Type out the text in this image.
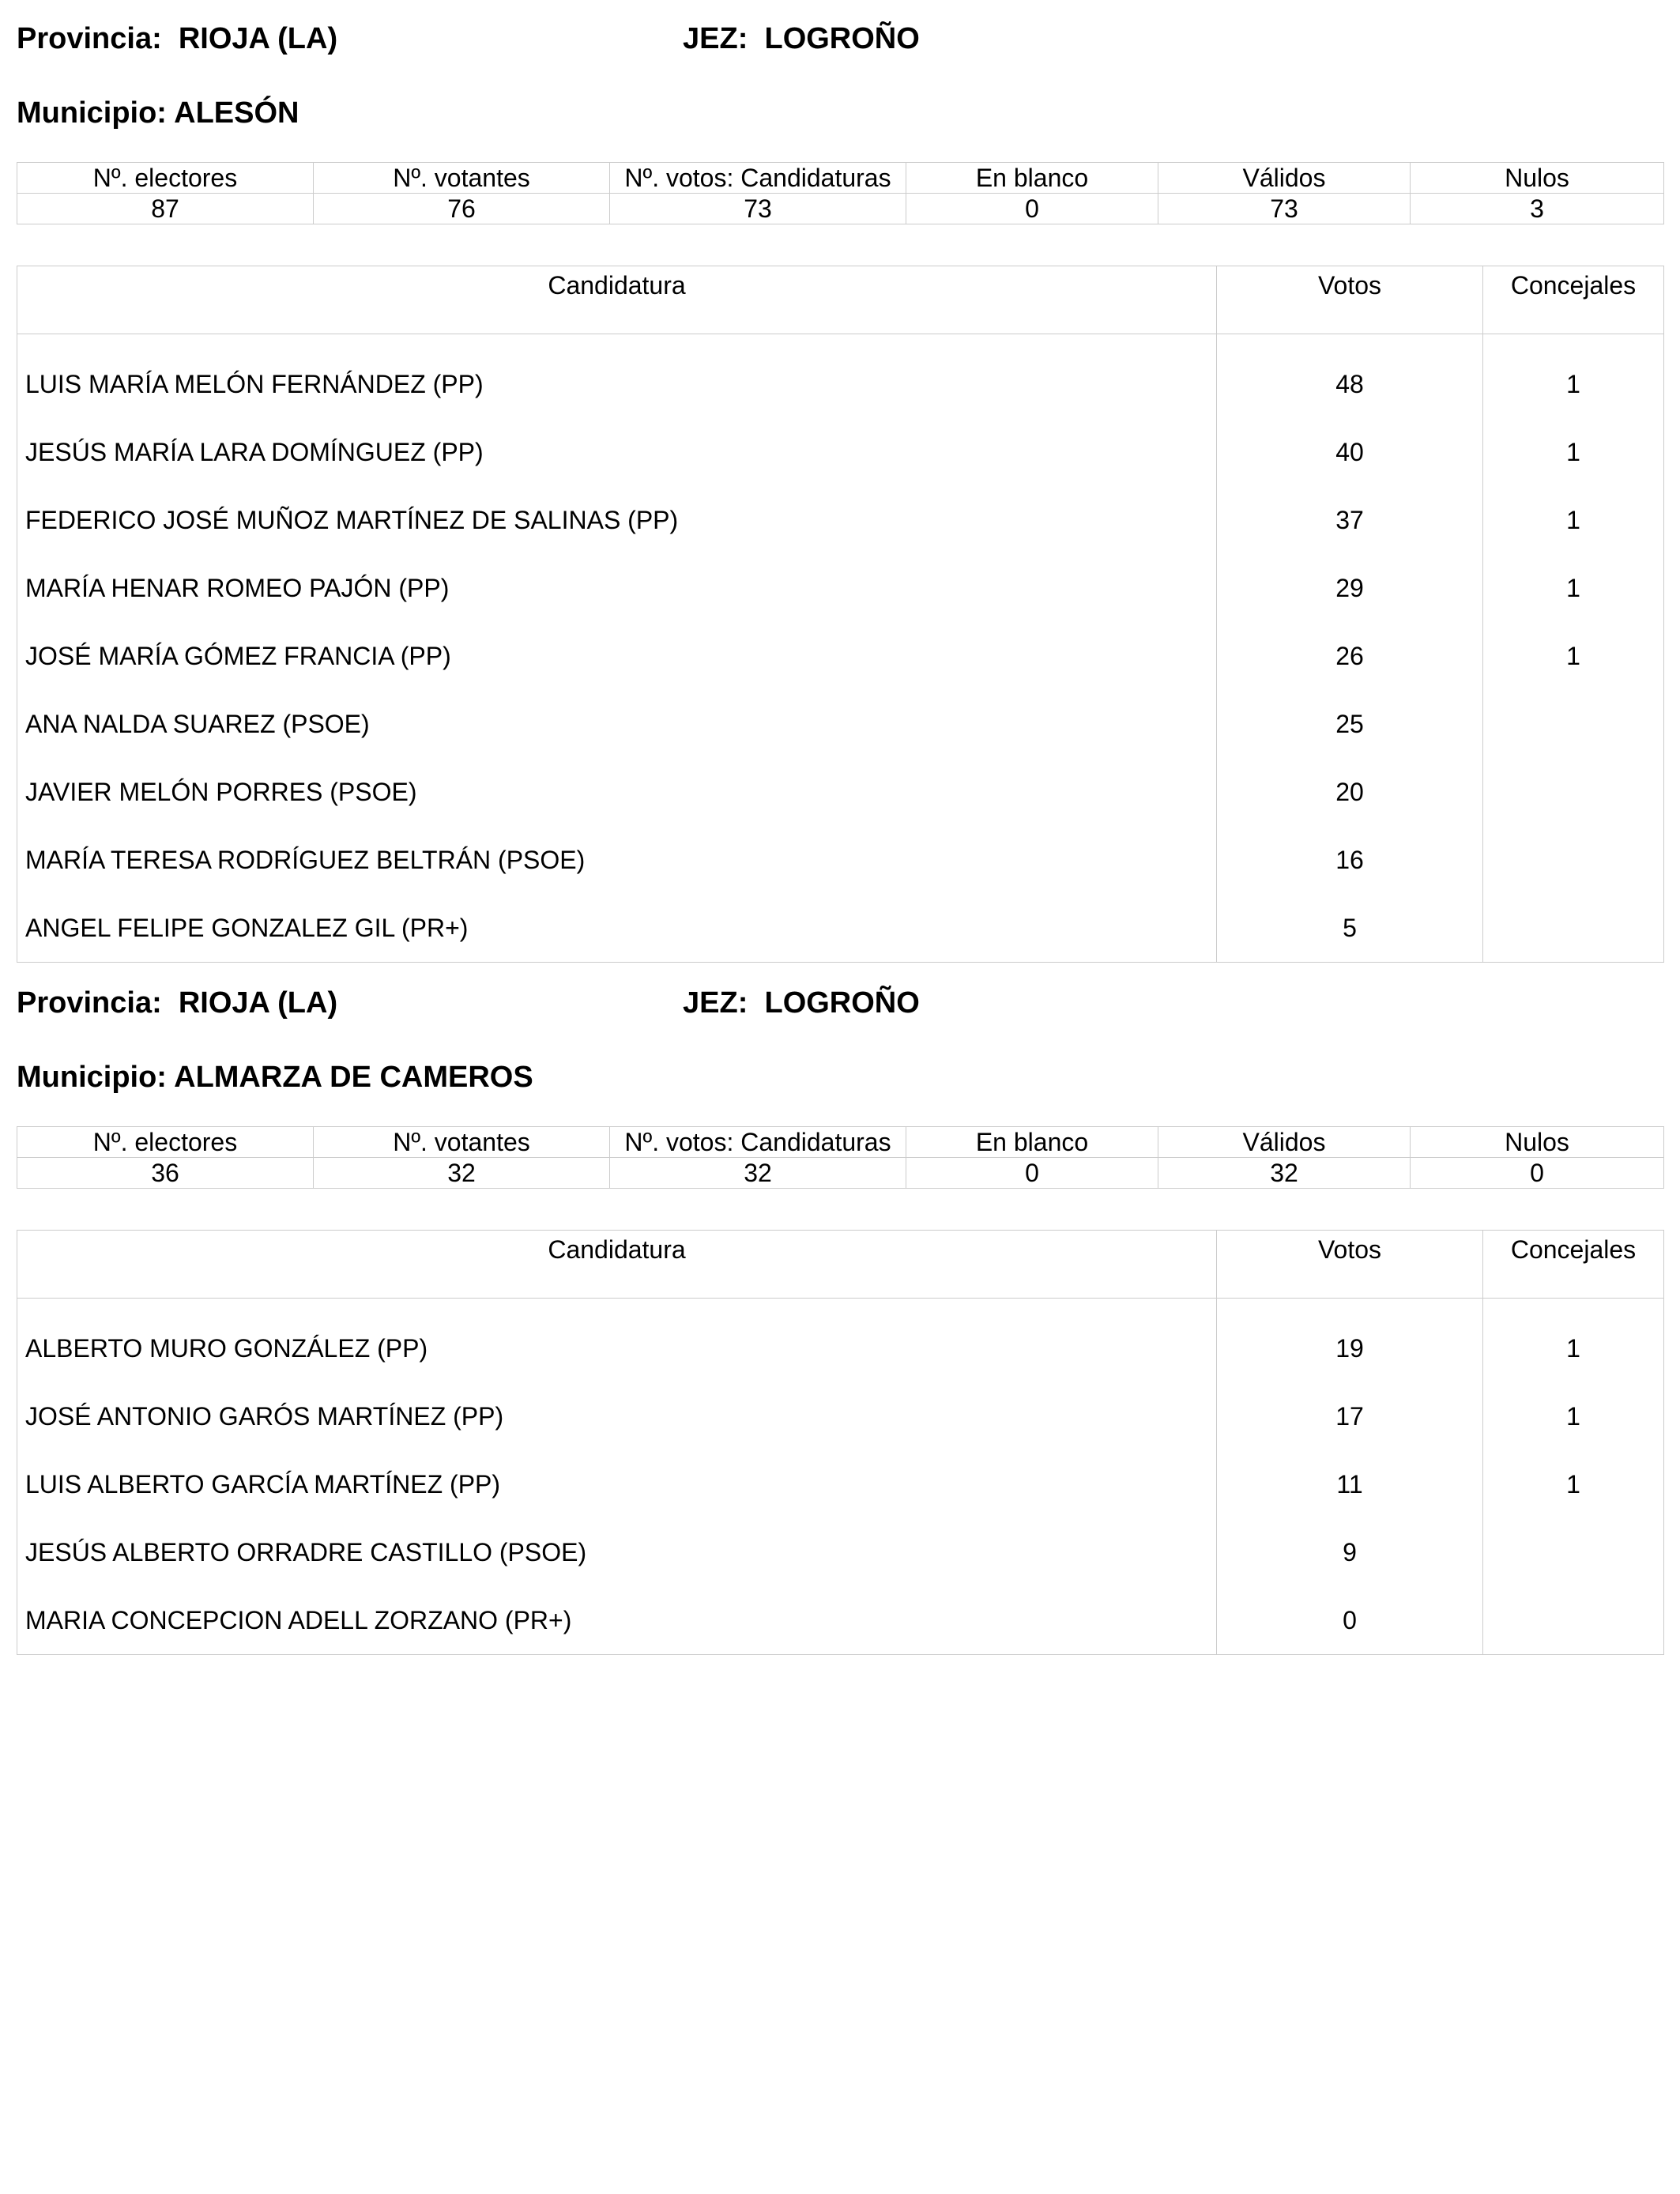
Provincia: RIOJA (LA)	JEZ: LOGROÑO
Municipio: ALESÓN
Nº. electores	Nº. votantes	Nº. votos: Candidaturas	En blanco	Válidos	Nulos
87	76	73	0	73	3
Candidatura	Votos	Concejales

LUIS MARÍA MELÓN FERNÁNDEZ (PP)	48	1
JESÚS MARÍA LARA DOMÍNGUEZ (PP)	40	1
FEDERICO JOSÉ MUÑOZ MARTÍNEZ DE SALINAS (PP)	37	1
MARÍA HENAR ROMEO PAJÓN (PP)	29	1
JOSÉ MARÍA GÓMEZ FRANCIA (PP)	26	1
ANA NALDA SUAREZ (PSOE)	25	
JAVIER MELÓN PORRES (PSOE)	20	
MARÍA TERESA RODRÍGUEZ BELTRÁN (PSOE)	16	
ANGEL FELIPE GONZALEZ GIL (PR+)	5	
Provincia: RIOJA (LA)	JEZ: LOGROÑO
Municipio: ALMARZA DE CAMEROS
Nº. electores	Nº. votantes	Nº. votos: Candidaturas	En blanco	Válidos	Nulos
36	32	32	0	32	0
Candidatura	Votos	Concejales

ALBERTO MURO GONZÁLEZ (PP)	19	1
JOSÉ ANTONIO GARÓS MARTÍNEZ (PP)	17	1
LUIS ALBERTO GARCÍA MARTÍNEZ (PP)	11	1
JESÚS ALBERTO ORRADRE CASTILLO (PSOE)	9	
MARIA CONCEPCION ADELL ZORZANO (PR+)	0	
